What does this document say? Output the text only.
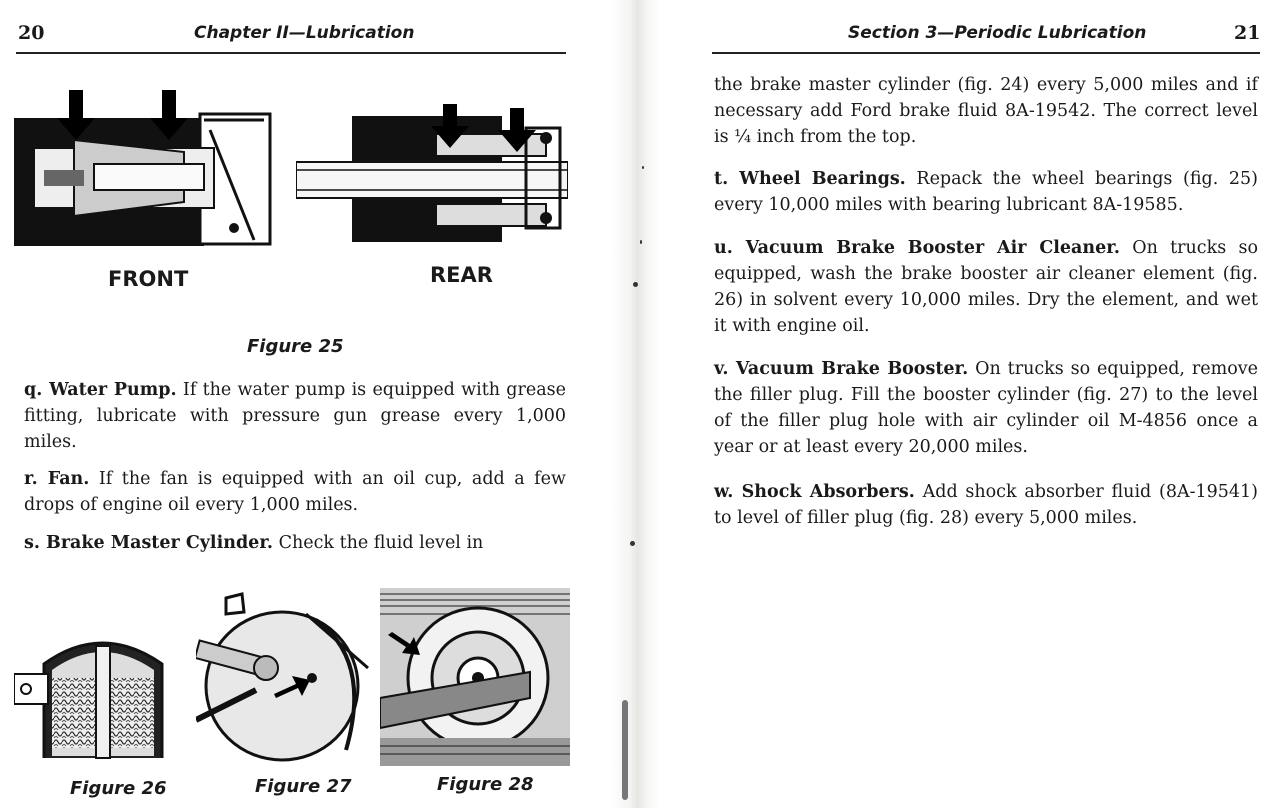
20	Chapter II—Lubrication
FRONT	REAR
Figure 25
q. Water Pump. If the water pump is equipped with grease fitting, lubricate with pressure gun grease every 1,000 miles.
r. Fan. If the fan is equipped with an oil cup, add a few drops of engine oil every 1,000 miles.
s. Brake Master Cylinder. Check the fluid level in
Figure 26	Figure 27	Figure 28
Section 3—Periodic Lubrication	21
the brake master cylinder (fig. 24) every 5,000 miles and if necessary add Ford brake fluid 8A-19542. The correct level is ¼ inch from the top.
t. Wheel Bearings. Repack the wheel bearings (fig. 25) every 10,000 miles with bearing lubricant 8A-19585.
u. Vacuum Brake Booster Air Cleaner. On trucks so equipped, wash the brake booster air cleaner element (fig. 26) in solvent every 10,000 miles. Dry the element, and wet it with engine oil.
v. Vacuum Brake Booster. On trucks so equipped, remove the filler plug. Fill the booster cylinder (fig. 27) to the level of the filler plug hole with air cylinder oil M-4856 once a year or at least every 20,000 miles.
w. Shock Absorbers. Add shock absorber fluid (8A-19541) to level of filler plug (fig. 28) every 5,000 miles.
